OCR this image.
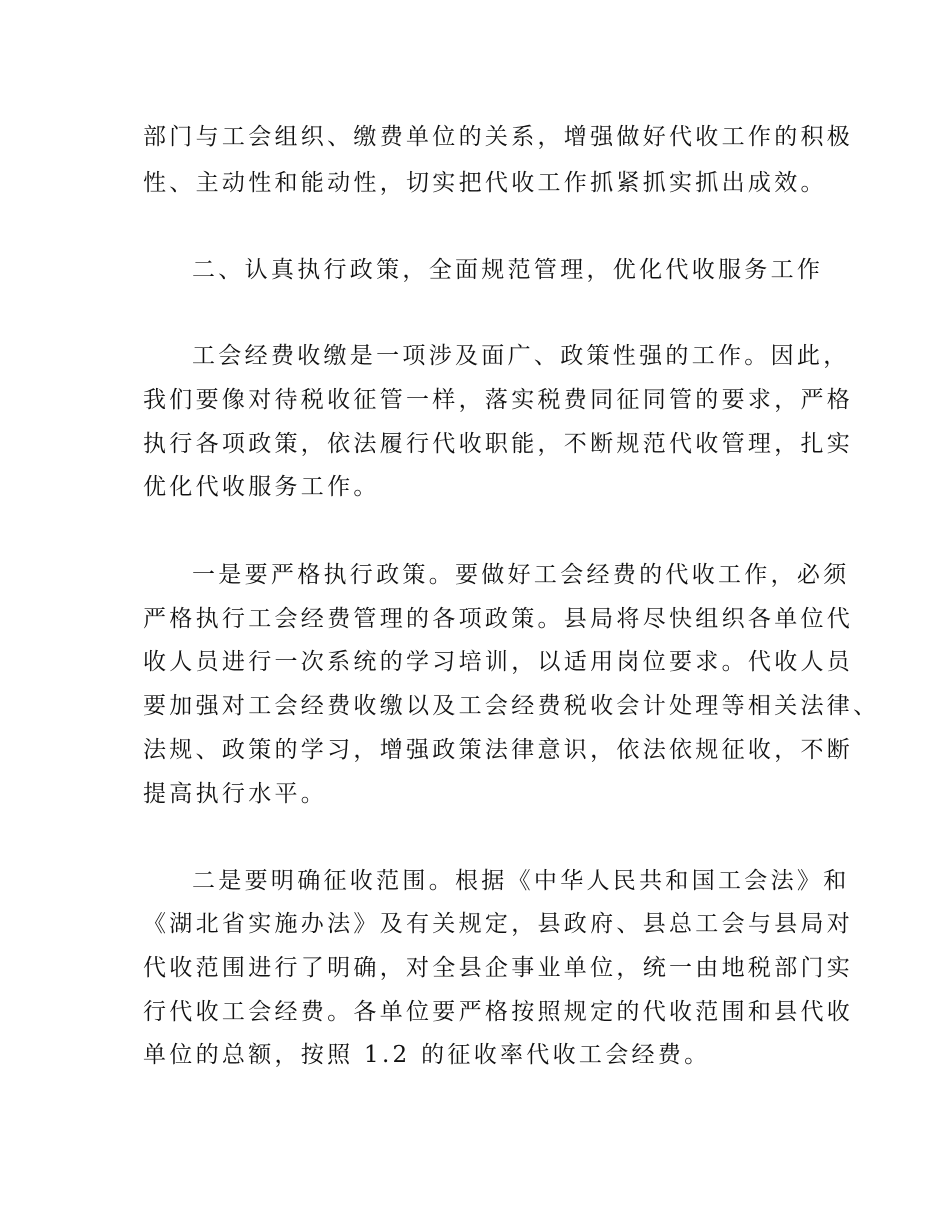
部门与工会组织、缴费单位的关系，增强做好代收工作的积极
性、主动性和能动性，切实把代收工作抓紧抓实抓出成效。
二、认真执行政策，全面规范管理，优化代收服务工作
工会经费收缴是一项涉及面广、政策性强的工作。因此，
我们要像对待税收征管一样，落实税费同征同管的要求，严格
执行各项政策，依法履行代收职能，不断规范代收管理，扎实
优化代收服务工作。
一是要严格执行政策。要做好工会经费的代收工作，必须
严格执行工会经费管理的各项政策。县局将尽快组织各单位代
收人员进行一次系统的学习培训，以适用岗位要求。代收人员
要加强对工会经费收缴以及工会经费税收会计处理等相关法律、
法规、政策的学习，增强政策法律意识，依法依规征收，不断
提高执行水平。
二是要明确征收范围。根据《中华人民共和国工会法》和
《湖北省实施办法》及有关规定，县政府、县总工会与县局对
代收范围进行了明确，对全县企事业单位，统一由地税部门实
行代收工会经费。各单位要严格按照规定的代收范围和县代收
单位的总额，按照 1.2 的征收率代收工会经费。
